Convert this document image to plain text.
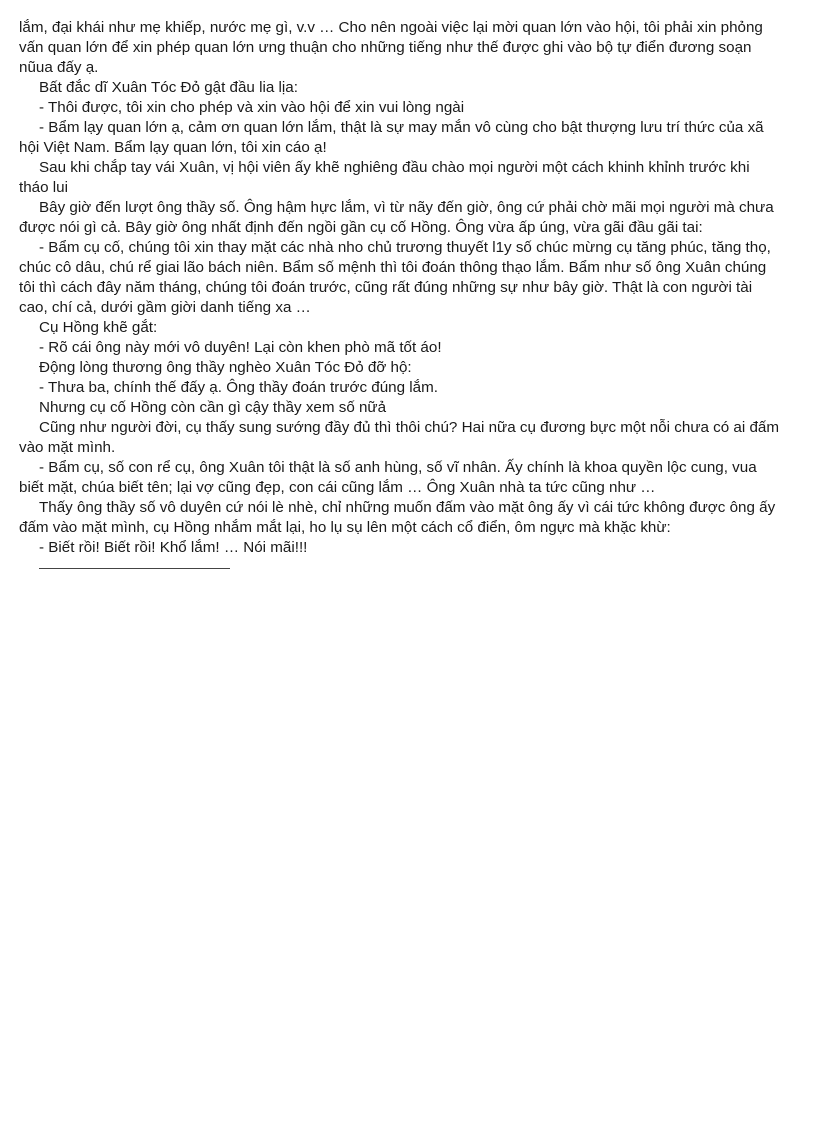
lắm, đại khái như mẹ khiếp, nước mẹ gì, v.v … Cho nên ngoài việc lại mời quan lớn vào hội, tôi phải xin phỏng vấn quan lớn để xin phép quan lớn ưng thuận cho những tiếng như thế được ghi vào bộ tự điển đương soạn nũua đấy ạ.

Bất đắc dĩ Xuân Tóc Đỏ gật đầu lia lịa:

- Thôi được, tôi xin cho phép và xin vào hội để xin vui lòng ngài

- Bẩm lạy quan lớn ạ, cảm ơn quan lớn lắm, thật là sự may mắn vô cùng cho bật thượng lưu trí thức của xã hội Việt Nam. Bẩm lạy quan lớn, tôi xin cáo ạ!

Sau khi chắp tay vái Xuân, vị hội viên ấy khẽ nghiêng đầu chào mọi người một cách khinh khỉnh trước khi tháo lui

Bây giờ đến lượt ông thầy số. Ông hậm hực lắm, vì từ nãy đến giờ, ông cứ phải chờ mãi mọi người mà chưa được nói gì cả. Bây giờ ông nhất định đến ngồi gần cụ cố Hồng. Ông vừa ấp úng, vừa gãi đầu gãi tai:

- Bẩm cụ cố, chúng tôi xin thay mặt các nhà nho chủ trương thuyết l1y số chúc mừng cụ tăng phúc, tăng thọ, chúc cô dâu, chú rể giai lão bách niên. Bẩm số mệnh thì tôi đoán thông thạo lắm. Bẩm như số ông Xuân chúng tôi thì cách đây năm tháng, chúng tôi đoán trước, cũng rất đúng những sự như bây giờ. Thật là con người tài cao, chí cả, dưới gầm giời danh tiếng xa …

Cụ Hồng khẽ gắt:

- Rõ cái ông này mới vô duyên! Lại còn khen phò mã tốt áo!

Động lòng thương ông thầy nghèo Xuân Tóc Đỏ đỡ hộ:

- Thưa ba, chính thế đấy ạ. Ông thầy đoán trước đúng lắm.

Nhưng cụ cố Hồng còn cần gì cậy thầy xem số nữả

Cũng như người đời, cụ thấy sung sướng đầy đủ thì thôi chú? Hai nữa cụ đương bực một nỗi chưa có ai đấm vào mặt mình.

- Bẩm cụ, số con rể cụ, ông Xuân tôi thật là số anh hùng, số vĩ nhân. Ấy chính là khoa quyền lộc cung, vua biết mặt, chúa biết tên; lại vợ cũng đẹp, con cái cũng lắm … Ông Xuân nhà ta tức cũng như …

Thấy ông thầy số vô duyên cứ nói lè nhè, chỉ những muốn đấm vào mặt ông ấy vì cái tức không được ông ấy đấm vào mặt mình, cụ Hồng nhắm mắt lại, ho lụ sụ lên một cách cổ điển, ôm ngực mà khặc khừ:

- Biết rồi! Biết rồi! Khổ lắm! … Nói mãi!!!
